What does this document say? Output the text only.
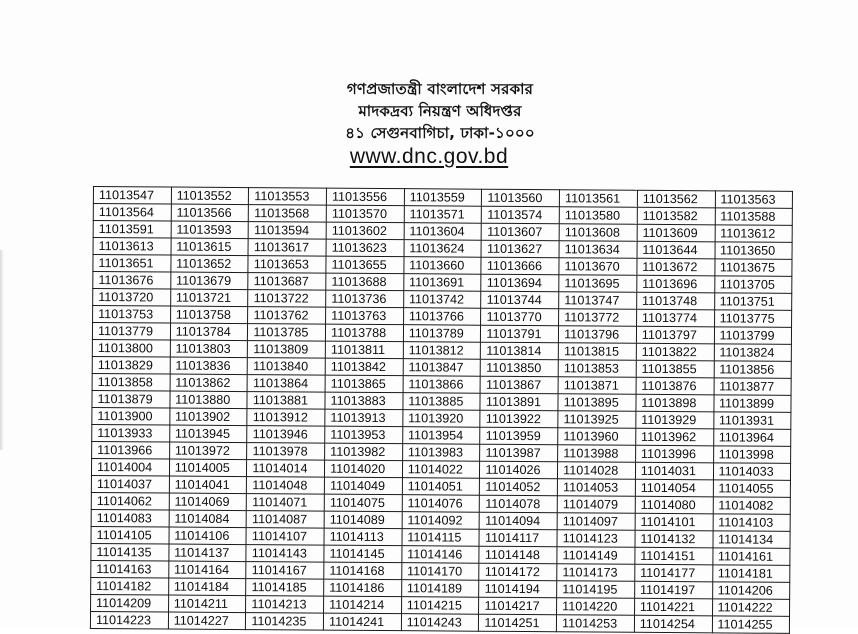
গণপ্রজাতন্ত্রী বাংলাদেশ সরকার
মাদকদ্রব্য নিয়ন্ত্রণ অধিদপ্তর
৪১ সেগুনবাগিচা, ঢাকা-১০০০
www.dnc.gov.bd
11013547	11013552	11013553	11013556	11013559	11013560	11013561	11013562	11013563
11013564	11013566	11013568	11013570	11013571	11013574	11013580	11013582	11013588
11013591	11013593	11013594	11013602	11013604	11013607	11013608	11013609	11013612
11013613	11013615	11013617	11013623	11013624	11013627	11013634	11013644	11013650
11013651	11013652	11013653	11013655	11013660	11013666	11013670	11013672	11013675
11013676	11013679	11013687	11013688	11013691	11013694	11013695	11013696	11013705
11013720	11013721	11013722	11013736	11013742	11013744	11013747	11013748	11013751
11013753	11013758	11013762	11013763	11013766	11013770	11013772	11013774	11013775
11013779	11013784	11013785	11013788	11013789	11013791	11013796	11013797	11013799
11013800	11013803	11013809	11013811	11013812	11013814	11013815	11013822	11013824
11013829	11013836	11013840	11013842	11013847	11013850	11013853	11013855	11013856
11013858	11013862	11013864	11013865	11013866	11013867	11013871	11013876	11013877
11013879	11013880	11013881	11013883	11013885	11013891	11013895	11013898	11013899
11013900	11013902	11013912	11013913	11013920	11013922	11013925	11013929	11013931
11013933	11013945	11013946	11013953	11013954	11013959	11013960	11013962	11013964
11013966	11013972	11013978	11013982	11013983	11013987	11013988	11013996	11013998
11014004	11014005	11014014	11014020	11014022	11014026	11014028	11014031	11014033
11014037	11014041	11014048	11014049	11014051	11014052	11014053	11014054	11014055
11014062	11014069	11014071	11014075	11014076	11014078	11014079	11014080	11014082
11014083	11014084	11014087	11014089	11014092	11014094	11014097	11014101	11014103
11014105	11014106	11014107	11014113	11014115	11014117	11014123	11014132	11014134
11014135	11014137	11014143	11014145	11014146	11014148	11014149	11014151	11014161
11014163	11014164	11014167	11014168	11014170	11014172	11014173	11014177	11014181
11014182	11014184	11014185	11014186	11014189	11014194	11014195	11014197	11014206
11014209	11014211	11014213	11014214	11014215	11014217	11014220	11014221	11014222
11014223	11014227	11014235	11014241	11014243	11014251	11014253	11014254	11014255
